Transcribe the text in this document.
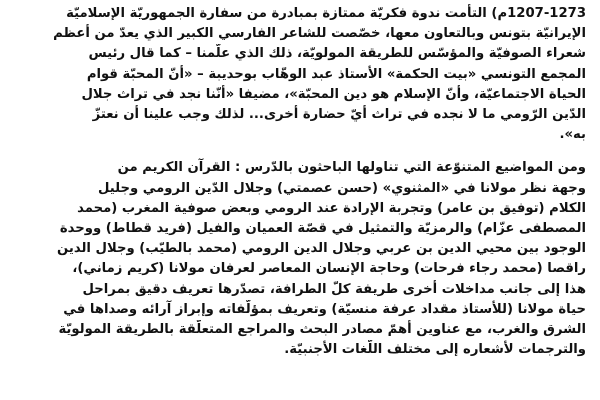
1207-1273م) التأمت ندوة فكريّة ممتازة بمبادرة من سفارة الجمهوريّة الإسلاميّة
الإيرانيّة بتونس وبالتعاون معها، خصّصت للشاعر الفارسي الكبير الذي يعدّ من أعظم
شعراء الصوفيّة والمؤسّس للطريقة المولويّة، ذلك الذي علّمنا – كما قال رئيس
المجمع التونسي «بيت الحكمة» الأستاذ عبد الوهّاب بوحديبة – «أنّ المحبّة قوام
الحياة الاجتماعيّة، وأنّ الإسلام هو دين المحبّة»، مضيفا «أنّنا نجد في تراث جلال
الدّين الرّومي ما لا نجده في تراث أيّ حضارة أخرى... لذلك وجب علينا أن نعتزّ
به».

ومن المواضيع المتنوّعة التي تناولها الباحثون بالدّرس : القرآن الكريم من
وجهة نظر مولانا في «المثنوي» (حسن عصمتي) وجلال الدّين الرومي وجليل
الكلام (توفيق بن عامر) وتجربة الإرادة عند الرومي وبعض صوفية المغرب (محمد
المصطفى عزّام) والرمزيّة والتمثيل في قصّة العميان والفيل (فريد قطاط) ووحدة
الوجود بين محيي الدين بن عربي وجلال الدين الرومي (محمد بالطيّب) وجلال الدين
راقصا (محمد رجاء فرحات) وحاجة الإنسان المعاصر لعرفان مولانا (كريم زماني)،
هذا إلى جانب مداخلات أخرى طريفة كلّ الطرافة، تصدّرها تعريف دقيق بمراحل
حياة مولانا (للأستاذ مقداد عرفة منسيّة) وتعريف بمؤلّفاته وإبراز آرائه وصداها في
الشرق والغرب، مع عناوين أهمّ مصادر البحث والمراجع المتعلّقة بالطريقة المولويّة
والترجمات لأشعاره إلى مختلف اللّغات الأجنبيّة.
